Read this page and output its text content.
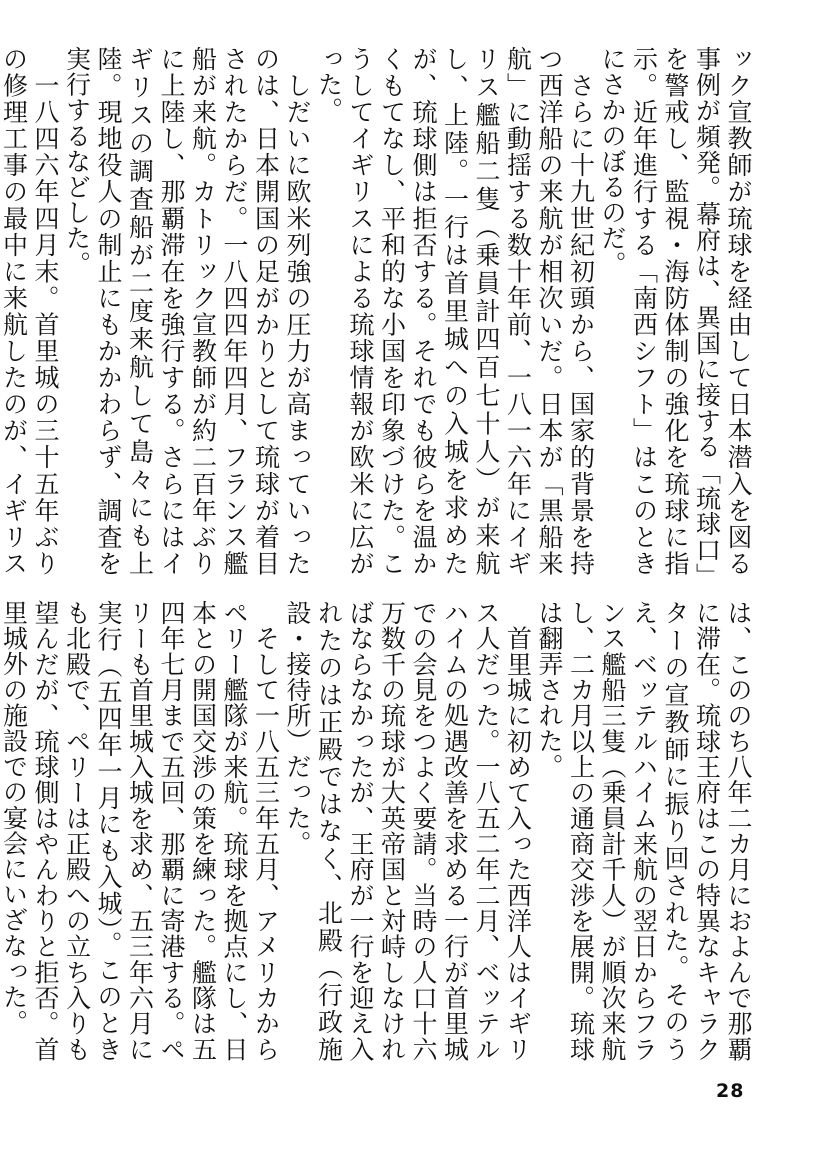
ック宣教師が琉球を経由して日本潜入を図る事例が頻発。幕府は、異国に接する「琉球口」を警戒し、監視・海防体制の強化を琉球に指示。近年進行する「南西シフト」はこのときにさかのぼるのだ。

　さらに十九世紀初頭から、国家的背景を持つ西洋船の来航が相次いだ。日本が「黒船来航」に動揺する数十年前、一八一六年にイギリス艦船二隻（乗員計四百七十人）が来航し、上陸。一行は首里城への入城を求めたが、琉球側は拒否する。それでも彼らを温かくもてなし、平和的な小国を印象づけた。こうしてイギリスによる琉球情報が欧米に広がった。

　しだいに欧米列強の圧力が高まっていったのは、日本開国の足がかりとして琉球が着目されたからだ。一八四四年四月、フランス艦船が来航。カトリック宣教師が約二百年ぶりに上陸し、那覇滞在を強行する。さらにはイギリスの調査船が二度来航して島々にも上陸。現地役人の制止にもかかわらず、調査を実行するなどした。

　一八四六年四月末。首里城の三十五年ぶりの修理工事の最中に来航したのが、イギリス

は、こののち八年二カ月におよんで那覇に滞在。琉球王府はこの特異なキャラクターの宣教師に振り回された。そのうえ、ベッテルハイム来航の翌日からフランス艦船三隻（乗員計千人）が順次来航し、二カ月以上の通商交渉を展開。琉球は翻弄された。

　首里城に初めて入った西洋人はイギリス人だった。一八五二年二月、ベッテルハイムの処遇改善を求める一行が首里城での会見をつよく要請。当時の人口十六万数千の琉球が大英帝国と対峙しなければならなかったが、王府が一行を迎え入れたのは正殿ではなく、北殿（行政施設・接待所）だった。

　そして一八五三年五月、アメリカからペリー艦隊が来航。琉球を拠点にし、日本との開国交渉の策を練った。艦隊は五四年七月まで五回、那覇に寄港する。ペリーも首里城入城を求め、五三年六月に実行（五四年一月にも入城）。このときも北殿で、ペリーは正殿への立ち入りも望んだが、琉球側はやんわりと拒否。首里城外の施設での宴会にいざなった。

28
